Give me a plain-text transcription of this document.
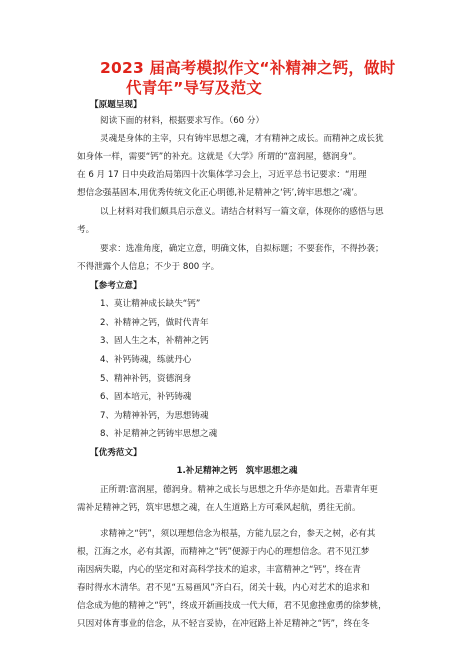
2023 届高考模拟作文“补精神之钙，做时
代青年”导写及范文
【原题呈现】
阅读下面的材料，根据要求写作。（60 分）
灵魂是身体的主宰，只有铸牢思想之魂，才有精神之成长。而精神之成长犹
如身体一样，需要“钙”的补充。这就是《大学》所谓的“富润屋，德润身”。
在 6 月 17 日中央政治局第四十次集体学习会上，习近平总书记要求：“用理
想信念强基固本,用优秀传统文化正心明德,补足精神之‘钙’,铸牢思想之‘魂’。
以上材料对我们颇具启示意义。请结合材料写一篇文章，体现你的感悟与思
考。
要求：选准角度，确定立意，明确文体，自拟标题；不要套作，不得抄袭；
不得泄露个人信息；不少于 800 字。
【参考立意】
1、莫让精神成长缺失“钙”
2、补精神之钙，做时代青年
3、固人生之本，补精神之钙
4、补钙铸魂，练就丹心
5、精神补钙，资德润身
6、固本培元，补钙铸魂
7、为精神补钙，为思想铸魂
8、补足精神之钙铸牢思想之魂
【优秀范文】
1.补足精神之钙　筑牢思想之魂
正所谓:富润屋，德润身。精神之成长与思想之升华亦是如此。吾辈青年更
需补足精神之钙，筑牢思想之魂，在人生道路上方可乘风起航，勇往无前。
求精神之“钙”，须以理想信念为根基，方能九层之台，参天之树，必有其
根，江海之水，必有其源，而精神之“钙”便源于内心的理想信念。君不见江梦
南因病失聪，内心的坚定和对高科学技术的追求，丰富精神之“钙”，终在青
春时得水木清华。君不见“五易画风”齐白石，闭关十载，内心对艺术的追求和
信念成为他的精神之“钙”，终成开新画技成一代大师，君不见愈挫愈勇的徐梦桃，
只因对体育事业的信念，从不轻言妥协，在冲冠路上补足精神之“钙”，终在冬
